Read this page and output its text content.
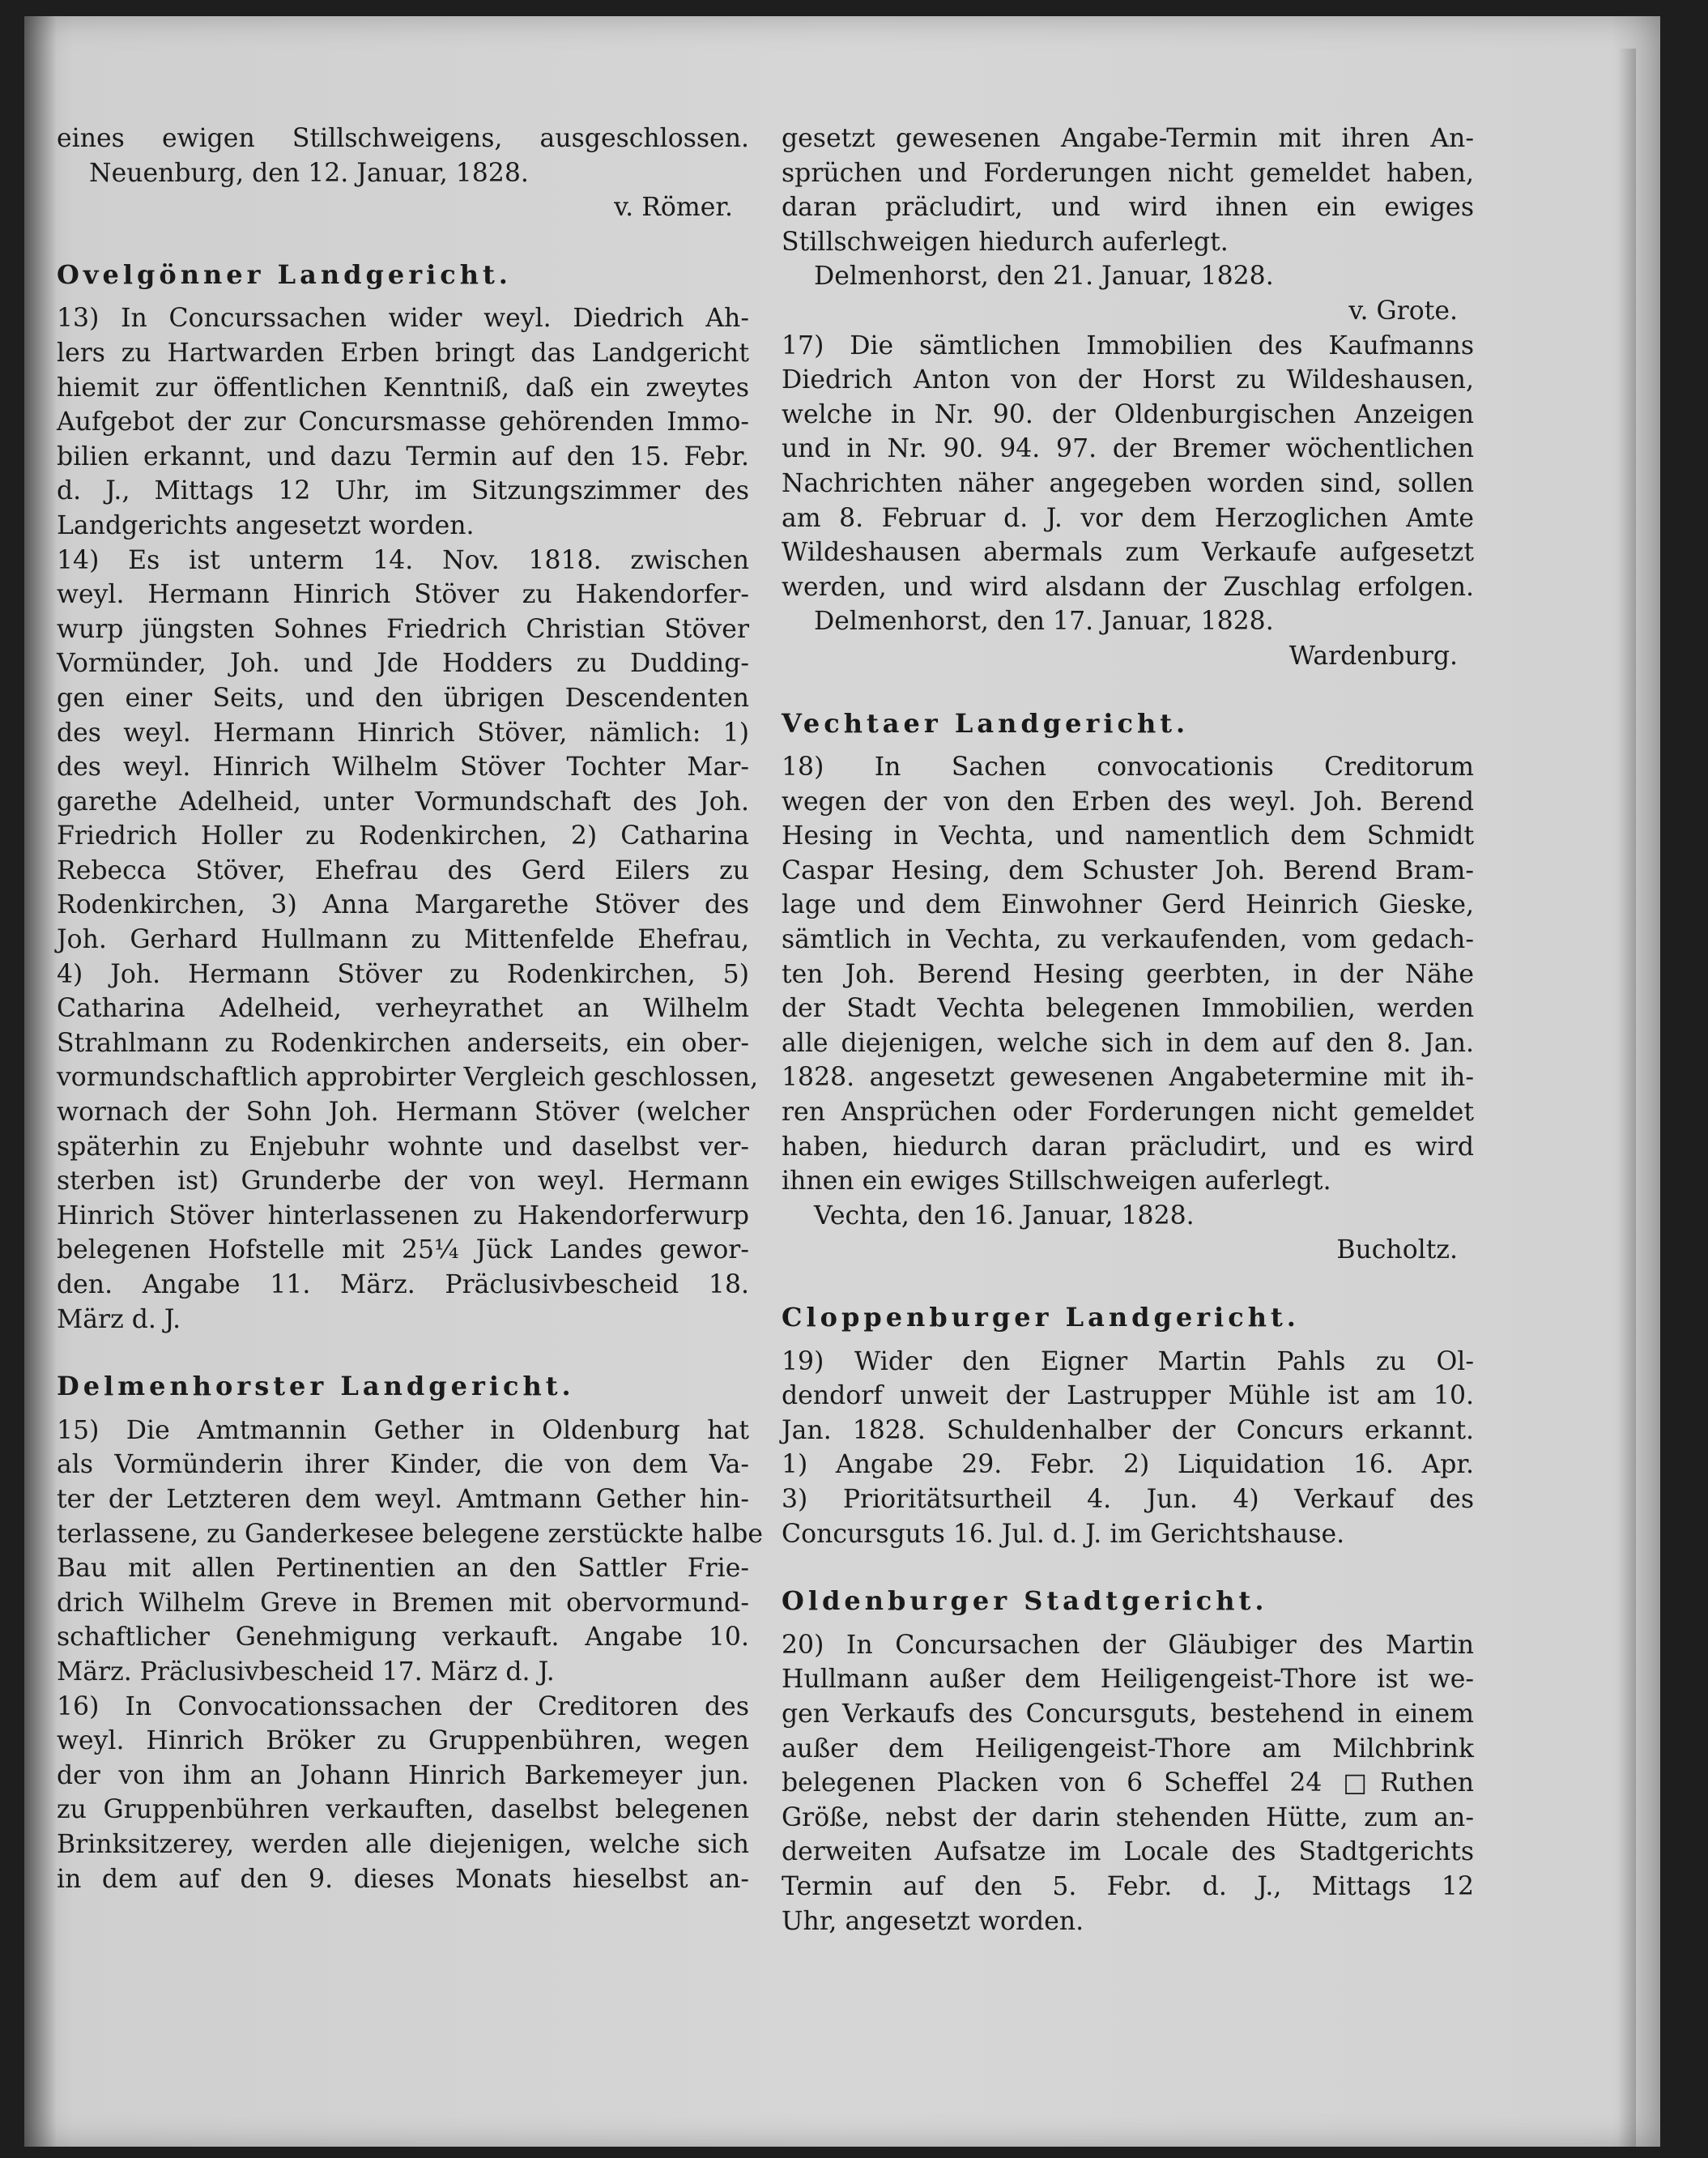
eines ewigen Stillschweigens, ausgeschlossen.
Neuenburg, den 12. Januar, 1828.
v. Römer.
Ovelgönner Landgericht.
13) In Concurssachen wider weyl. Diedrich Ah-
lers zu Hartwarden Erben bringt das Landgericht
hiemit zur öffentlichen Kenntniß, daß ein zweytes
Aufgebot der zur Concursmasse gehörenden Immo-
bilien erkannt, und dazu Termin auf den 15. Febr.
d. J., Mittags 12 Uhr, im Sitzungszimmer des
Landgerichts angesetzt worden.
14) Es ist unterm 14. Nov. 1818. zwischen
weyl. Hermann Hinrich Stöver zu Hakendorfer-
wurp jüngsten Sohnes Friedrich Christian Stöver
Vormünder, Joh. und Jde Hodders zu Dudding-
gen einer Seits, und den übrigen Descendenten
des weyl. Hermann Hinrich Stöver, nämlich: 1)
des weyl. Hinrich Wilhelm Stöver Tochter Mar-
garethe Adelheid, unter Vormundschaft des Joh.
Friedrich Holler zu Rodenkirchen, 2) Catharina
Rebecca Stöver, Ehefrau des Gerd Eilers zu
Rodenkirchen, 3) Anna Margarethe Stöver des
Joh. Gerhard Hullmann zu Mittenfelde Ehefrau,
4) Joh. Hermann Stöver zu Rodenkirchen, 5)
Catharina Adelheid, verheyrathet an Wilhelm
Strahlmann zu Rodenkirchen anderseits, ein ober-
vormundschaftlich approbirter Vergleich geschlossen,
wornach der Sohn Joh. Hermann Stöver (welcher
späterhin zu Enjebuhr wohnte und daselbst ver-
sterben ist) Grunderbe der von weyl. Hermann
Hinrich Stöver hinterlassenen zu Hakendorferwurp
belegenen Hofstelle mit 25¼ Jück Landes gewor-
den. Angabe 11. März. Präclusivbescheid 18.
März d. J.
Delmenhorster Landgericht.
15) Die Amtmannin Gether in Oldenburg hat
als Vormünderin ihrer Kinder, die von dem Va-
ter der Letzteren dem weyl. Amtmann Gether hin-
terlassene, zu Ganderkesee belegene zerstückte halbe
Bau mit allen Pertinentien an den Sattler Frie-
drich Wilhelm Greve in Bremen mit obervormund-
schaftlicher Genehmigung verkauft. Angabe 10.
März. Präclusivbescheid 17. März d. J.
16) In Convocationssachen der Creditoren des
weyl. Hinrich Bröker zu Gruppenbühren, wegen
der von ihm an Johann Hinrich Barkemeyer jun.
zu Gruppenbühren verkauften, daselbst belegenen
Brinksitzerey, werden alle diejenigen, welche sich
in dem auf den 9. dieses Monats hieselbst an-
gesetzt gewesenen Angabe-Termin mit ihren An-
sprüchen und Forderungen nicht gemeldet haben,
daran präcludirt, und wird ihnen ein ewiges
Stillschweigen hiedurch auferlegt.
Delmenhorst, den 21. Januar, 1828.
v. Grote.
17) Die sämtlichen Immobilien des Kaufmanns
Diedrich Anton von der Horst zu Wildeshausen,
welche in Nr. 90. der Oldenburgischen Anzeigen
und in Nr. 90. 94. 97. der Bremer wöchentlichen
Nachrichten näher angegeben worden sind, sollen
am 8. Februar d. J. vor dem Herzoglichen Amte
Wildeshausen abermals zum Verkaufe aufgesetzt
werden, und wird alsdann der Zuschlag erfolgen.
Delmenhorst, den 17. Januar, 1828.
Wardenburg.
Vechtaer Landgericht.
18) In Sachen convocationis Creditorum
wegen der von den Erben des weyl. Joh. Berend
Hesing in Vechta, und namentlich dem Schmidt
Caspar Hesing, dem Schuster Joh. Berend Bram-
lage und dem Einwohner Gerd Heinrich Gieske,
sämtlich in Vechta, zu verkaufenden, vom gedach-
ten Joh. Berend Hesing geerbten, in der Nähe
der Stadt Vechta belegenen Immobilien, werden
alle diejenigen, welche sich in dem auf den 8. Jan.
1828. angesetzt gewesenen Angabetermine mit ih-
ren Ansprüchen oder Forderungen nicht gemeldet
haben, hiedurch daran präcludirt, und es wird
ihnen ein ewiges Stillschweigen auferlegt.
Vechta, den 16. Januar, 1828.
Bucholtz.
Cloppenburger Landgericht.
19) Wider den Eigner Martin Pahls zu Ol-
dendorf unweit der Lastrupper Mühle ist am 10.
Jan. 1828. Schuldenhalber der Concurs erkannt.
1) Angabe 29. Febr. 2) Liquidation 16. Apr.
3) Prioritätsurtheil 4. Jun. 4) Verkauf des
Concursguts 16. Jul. d. J. im Gerichtshause.
Oldenburger Stadtgericht.
20) In Concursachen der Gläubiger des Martin
Hullmann außer dem Heiligengeist-Thore ist we-
gen Verkaufs des Concursguts, bestehend in einem
außer dem Heiligengeist-Thore am Milchbrink
belegenen Placken von 6 Scheffel 24 □Ruthen
Größe, nebst der darin stehenden Hütte, zum an-
derweiten Aufsatze im Locale des Stadtgerichts
Termin auf den 5. Febr. d. J., Mittags 12
Uhr, angesetzt worden.
